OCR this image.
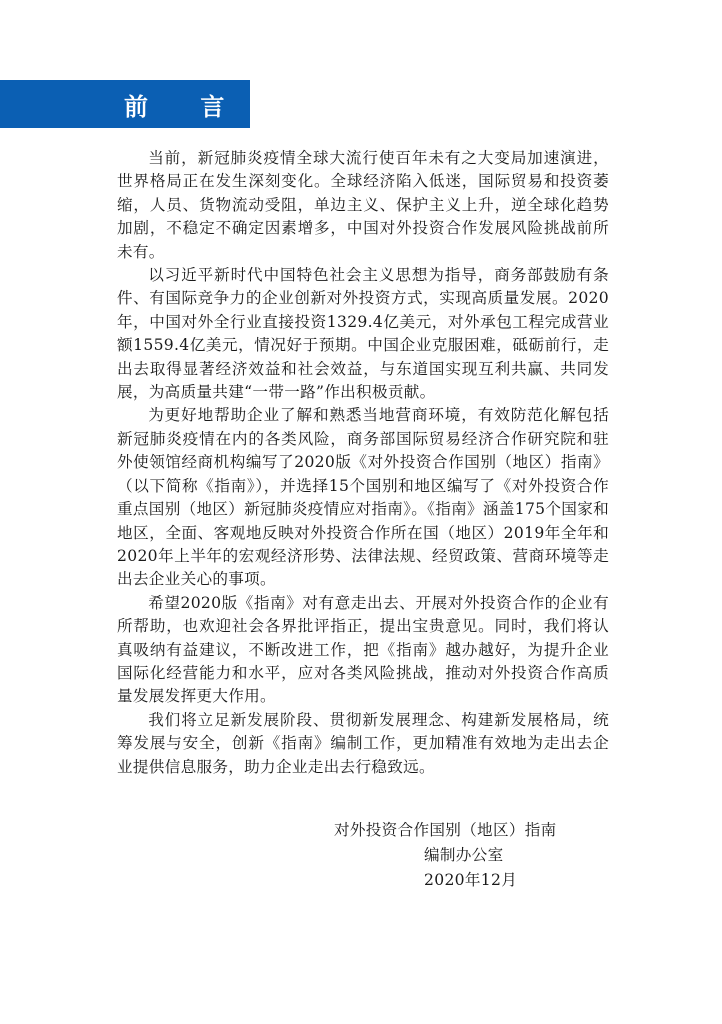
前 言

当前，新冠肺炎疫情全球大流行使百年未有之大变局加速演进，世界格局正在发生深刻变化。全球经济陷入低迷，国际贸易和投资萎缩，人员、货物流动受阻，单边主义、保护主义上升，逆全球化趋势加剧，不稳定不确定因素增多，中国对外投资合作发展风险挑战前所未有。

以习近平新时代中国特色社会主义思想为指导，商务部鼓励有条件、有国际竞争力的企业创新对外投资方式，实现高质量发展。2020年，中国对外全行业直接投资1329.4亿美元，对外承包工程完成营业额1559.4亿美元，情况好于预期。中国企业克服困难，砥砺前行，走出去取得显著经济效益和社会效益，与东道国实现互利共赢、共同发展，为高质量共建“一带一路”作出积极贡献。

为更好地帮助企业了解和熟悉当地营商环境，有效防范化解包括新冠肺炎疫情在内的各类风险，商务部国际贸易经济合作研究院和驻外使领馆经商机构编写了2020版《对外投资合作国别（地区）指南》（以下简称《指南》），并选择15个国别和地区编写了《对外投资合作重点国别（地区）新冠肺炎疫情应对指南》。《指南》涵盖175个国家和地区，全面、客观地反映对外投资合作所在国（地区）2019年全年和2020年上半年的宏观经济形势、法律法规、经贸政策、营商环境等走出去企业关心的事项。

希望2020版《指南》对有意走出去、开展对外投资合作的企业有所帮助，也欢迎社会各界批评指正，提出宝贵意见。同时，我们将认真吸纳有益建议，不断改进工作，把《指南》越办越好，为提升企业国际化经营能力和水平，应对各类风险挑战，推动对外投资合作高质量发展发挥更大作用。

我们将立足新发展阶段、贯彻新发展理念、构建新发展格局，统筹发展与安全，创新《指南》编制工作，更加精准有效地为走出去企业提供信息服务，助力企业走出去行稳致远。

对外投资合作国别（地区）指南
编制办公室
2020年12月
